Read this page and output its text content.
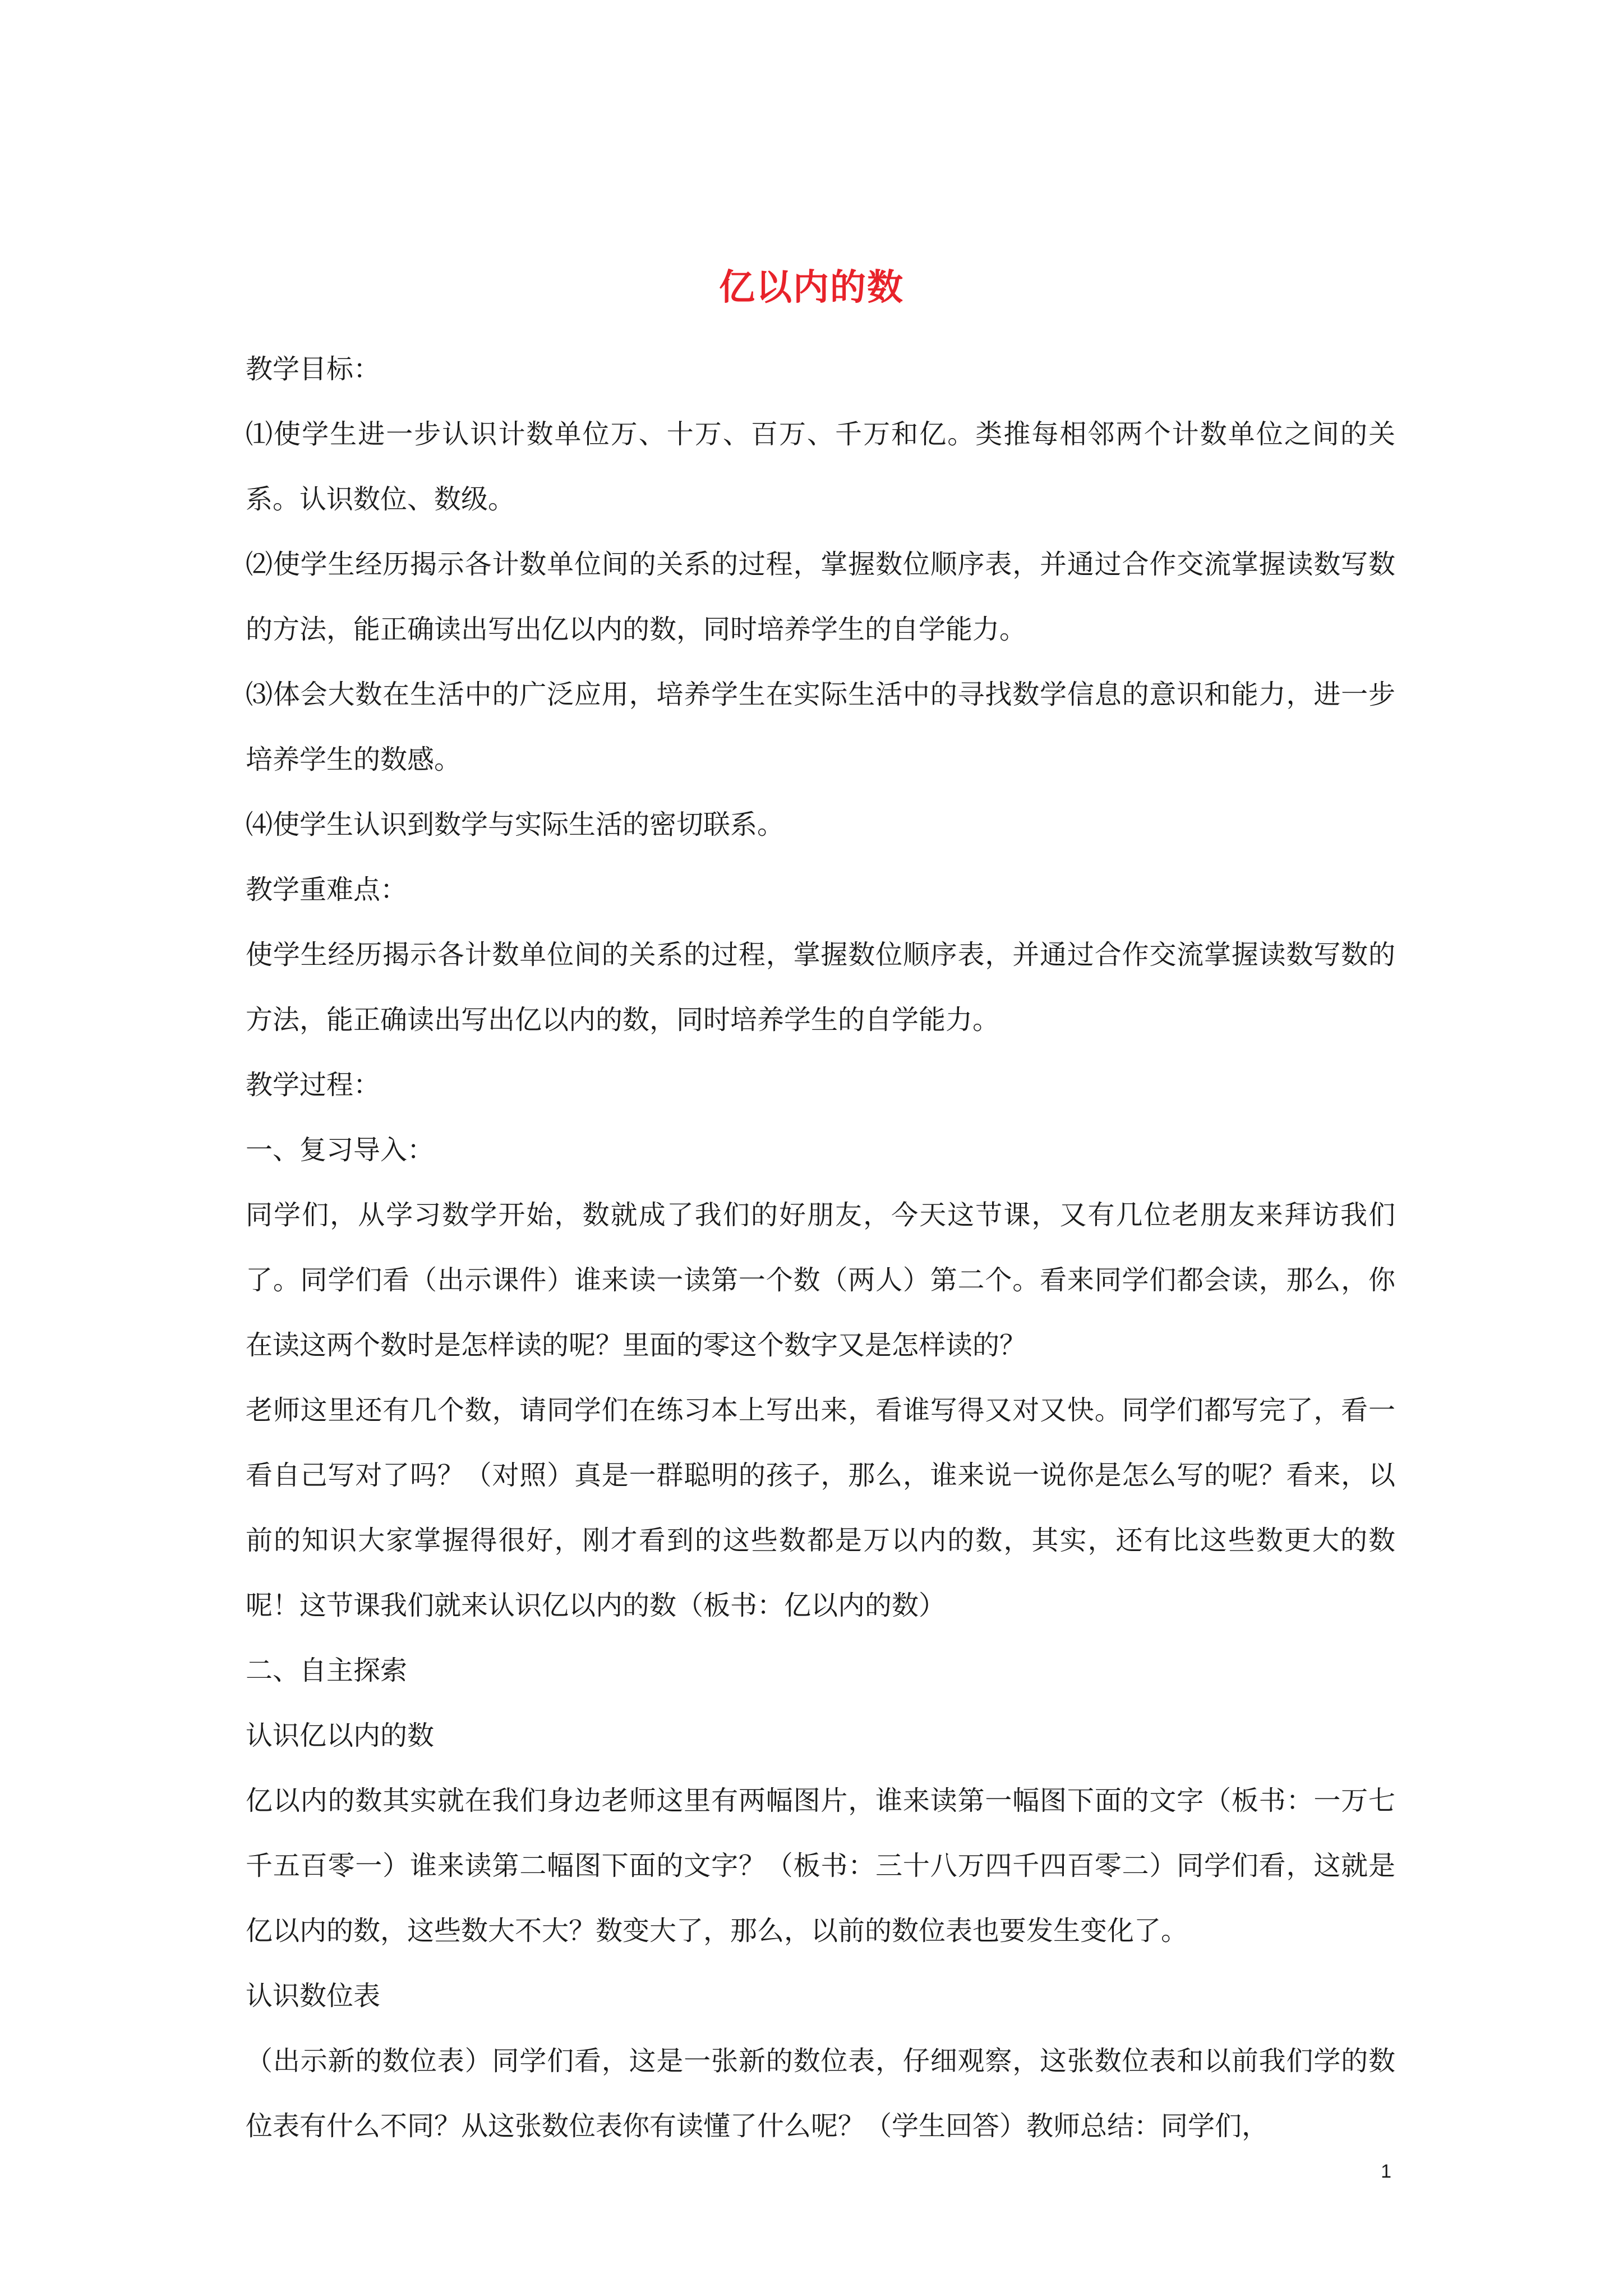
亿以内的数

教学目标：

⑴使学生进一步认识计数单位万、十万、百万、千万和亿。类推每相邻两个计数单位之间的关系。认识数位、数级。

⑵使学生经历揭示各计数单位间的关系的过程，掌握数位顺序表，并通过合作交流掌握读数写数的方法，能正确读出写出亿以内的数，同时培养学生的自学能力。

⑶体会大数在生活中的广泛应用，培养学生在实际生活中的寻找数学信息的意识和能力，进一步培养学生的数感。

⑷使学生认识到数学与实际生活的密切联系。

教学重难点：

使学生经历揭示各计数单位间的关系的过程，掌握数位顺序表，并通过合作交流掌握读数写数的方法，能正确读出写出亿以内的数，同时培养学生的自学能力。

教学过程：

一、复习导入：

同学们，从学习数学开始，数就成了我们的好朋友，今天这节课，又有几位老朋友来拜访我们了。同学们看（出示课件）谁来读一读第一个数（两人）第二个。看来同学们都会读，那么，你在读这两个数时是怎样读的呢？里面的零这个数字又是怎样读的？

老师这里还有几个数，请同学们在练习本上写出来，看谁写得又对又快。同学们都写完了，看一看自己写对了吗？（对照）真是一群聪明的孩子，那么，谁来说一说你是怎么写的呢？看来，以前的知识大家掌握得很好，刚才看到的这些数都是万以内的数，其实，还有比这些数更大的数呢！这节课我们就来认识亿以内的数（板书：亿以内的数）

二、自主探索

认识亿以内的数

亿以内的数其实就在我们身边老师这里有两幅图片，谁来读第一幅图下面的文字（板书：一万七千五百零一）谁来读第二幅图下面的文字？（板书：三十八万四千四百零二）同学们看，这就是亿以内的数，这些数大不大？数变大了，那么，以前的数位表也要发生变化了。

认识数位表

（出示新的数位表）同学们看，这是一张新的数位表，仔细观察，这张数位表和以前我们学的数位表有什么不同？从这张数位表你有读懂了什么呢？（学生回答）教师总结：同学们，

1
